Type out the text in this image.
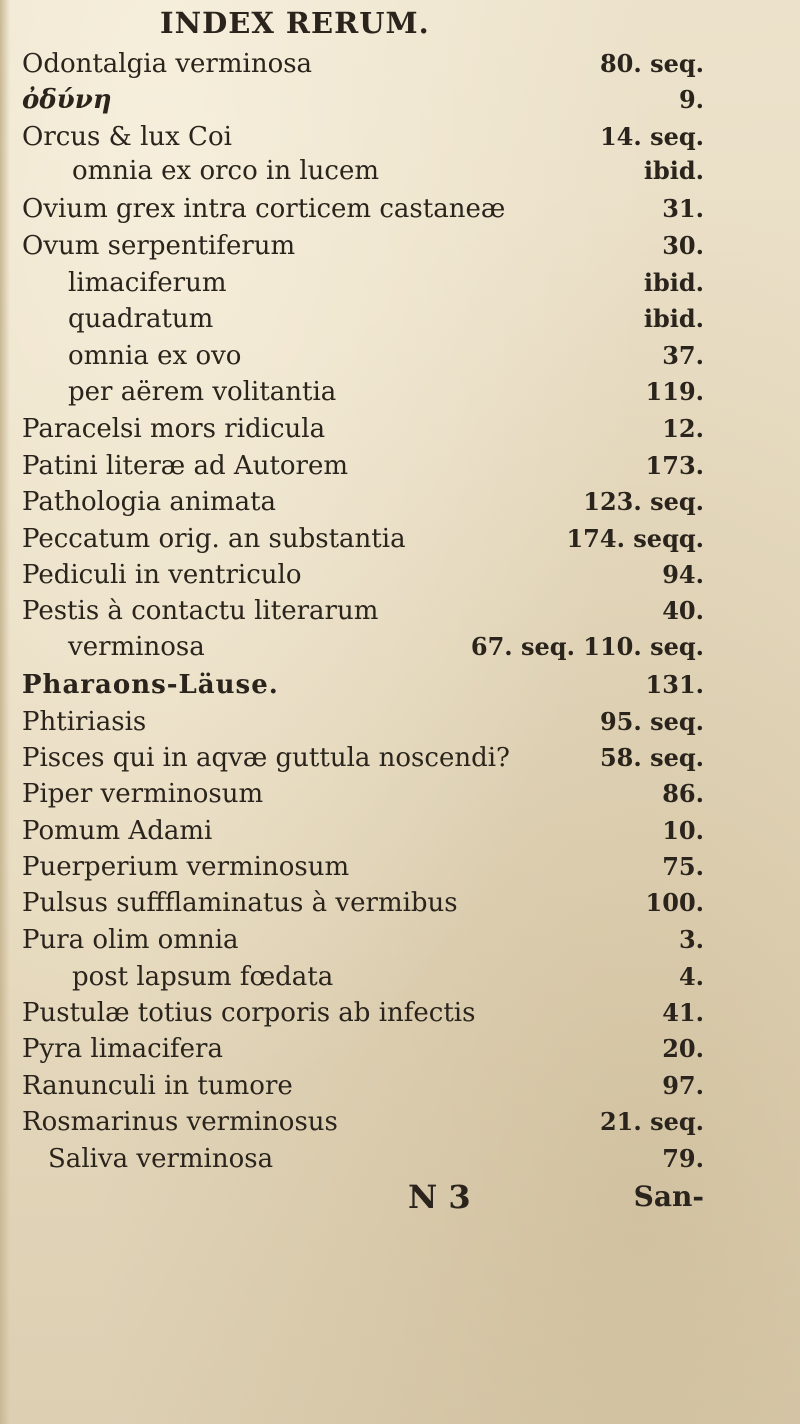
INDEX RERUM.
Odontalgia verminosa	80. seq.
ὀδύνη	9.
Orcus & lux Coi	14. seq.
omnia ex orco in lucem	ibid.
Ovium grex intra corticem castaneæ	31.
Ovum serpentiferum	30.
limaciferum	ibid.
quadratum	ibid.
omnia ex ovo	37.
per aërem volitantia	119.
Paracelsi mors ridicula	12.
Patini literæ ad Autorem	173.
Pathologia animata	123. seq.
Peccatum orig. an substantia	174. seqq.
Pediculi in ventriculo	94.
Pestis à contactu literarum	40.
verminosa	67. seq. 110. seq.
Pharaons-Läuse.	131.
Phtiriasis	95. seq.
Pisces qui in aqvæ guttula noscendi?	58. seq.
Piper verminosum	86.
Pomum Adami	10.
Puerperium verminosum	75.
Pulsus suffflaminatus à vermibus	100.
Pura olim omnia	3.
post lapsum fœdata	4.
Pustulæ totius corporis ab infectis	41.
Pyra limacifera	20.
Ranunculi in tumore	97.
Rosmarinus verminosus	21. seq.
Saliva verminosa	79.
N 3	San-
